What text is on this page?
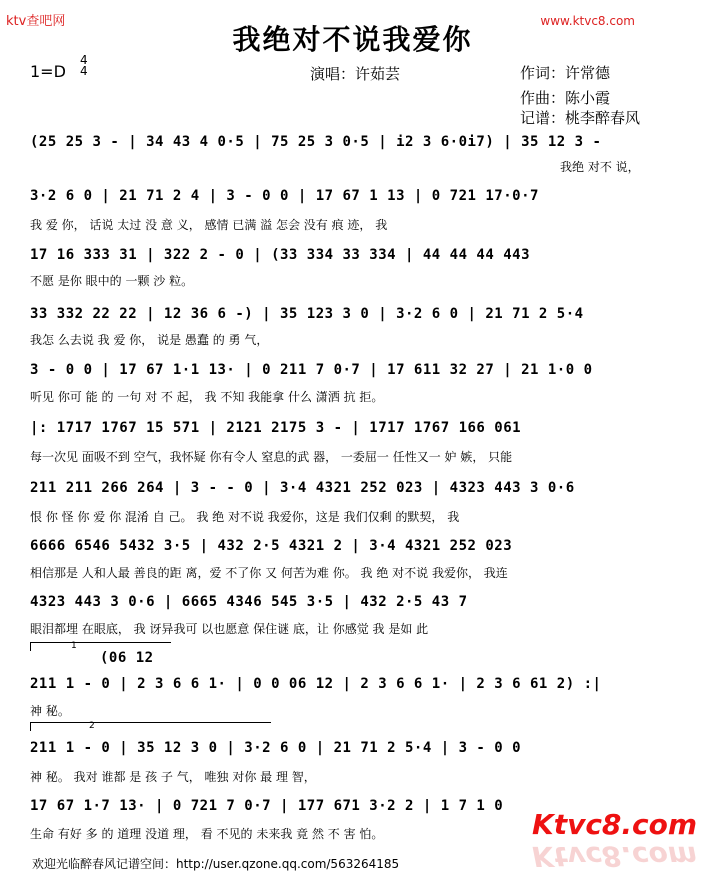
ktv查吧网	www.ktvc8.com
我绝对不说我爱你
1=D
4
4	演唱：许茹芸	作词：许常德
作曲：陈小霞
记谱：桃李醉春风
(25 25 3 - | 34 43 4 0·5 | 75 25 3 0·5 | i2 3 6·0i7) | 35 12 3 -
我绝 对不 说，
3·2 6 0 | 21 71 2 4 | 3 - 0 0 | 17 67 1 13 | 0 721 17·0·7
我 爱 你， 话说 太过 没 意 义， 感情 已满 溢 怎会 没有 痕 迹， 我
17 16 333 31 | 322 2 - 0 | (33 334 33 334 | 44 44 44 443
不愿 是你 眼中的 一颗 沙 粒。
33 332 22 22 | 12 36 6 -) | 35 123 3 0 | 3·2 6 0 | 21 71 2 5·4
我怎 么去说 我 爱 你， 说是 愚蠢 的 勇 气，
3 - 0 0 | 17 67 1·1 13· | 0 211 7 0·7 | 17 611 32 27 | 21 1·0 0
听见 你可 能 的 一句 对 不 起， 我 不知 我能拿 什么 潇洒 抗 拒。
|: 1717 1767 15 571 | 2121 2175 3 - | 1717 1767 166 061
每一次见 面吸不到 空气，我怀疑 你有令人 窒息的武 器， 一委屈一 任性又一 妒 嫉， 只能
211 211 266 264 | 3 - - 0 | 3·4 4321 252 023 | 4323 443 3 0·6
恨 你 怪 你 爱 你 混淆 自 己。 我 绝 对不说 我爱你，这是 我们仅剩 的默契， 我
6666 6546 5432 3·5 | 432 2·5 4321 2 | 3·4 4321 252 023
相信那是 人和人最 善良的距 离，爱 不了你 又 何苦为难 你。 我 绝 对不说 我爱你， 我连
4323 443 3 0·6 | 6665 4346 545 3·5 | 432 2·5 43 7
眼泪都埋 在眼底， 我 讶异我可 以也愿意 保住谜 底，让 你感觉 我 是如 此
1
(06 12
211 1 - 0 | 2 3 6 6 1· | 0 0 06 12 | 2 3 6 6 1· | 2 3 6 61 2) :|
神 秘。
2
211 1 - 0 | 35 12 3 0 | 3·2 6 0 | 21 71 2 5·4 | 3 - 0 0
神 秘。 我对 谁都 是 孩 子 气， 唯独 对你 最 理 智，
17 67 1·7 13· | 0 721 7 0·7 | 177 671 3·2 2 | 1 7 1 0
生命 有好 多 的 道理 没道 理， 看 不见的 未来我 竟 然 不 害 怕。	Ktvc8.com
Ktvc8.com
欢迎光临醉春风记谱空间：http://user.qzone.qq.com/563264185
